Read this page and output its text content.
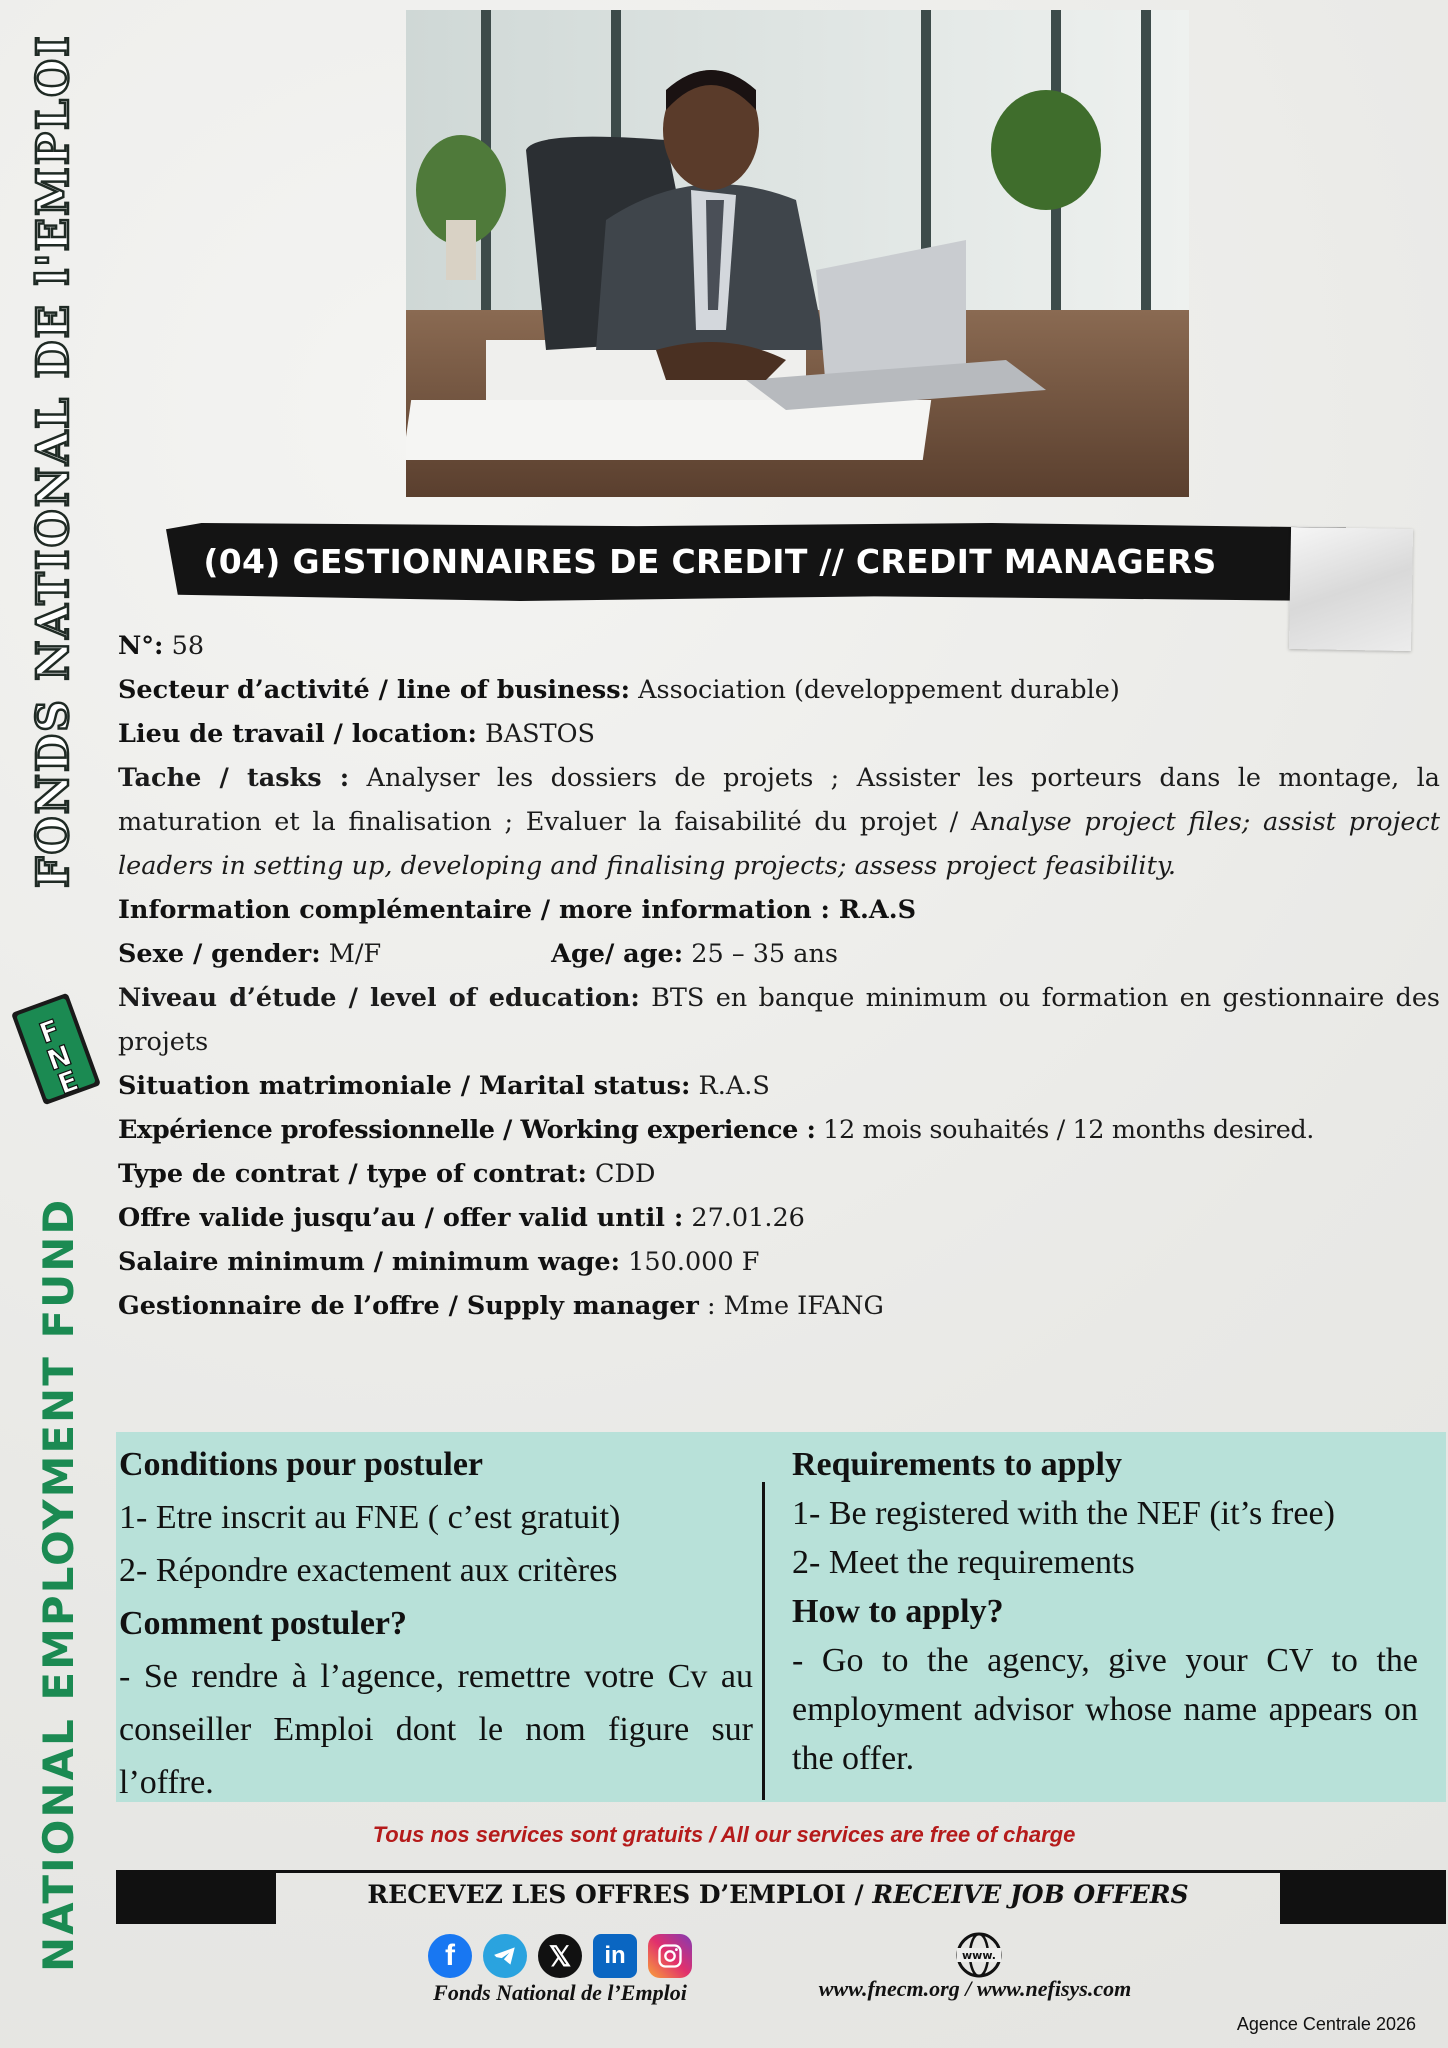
FONDS NATIONAL DE l'EMPLOI
NATIONAL EMPLOYMENT FUND
F
N
E
(04) GESTIONNAIRES DE CREDIT // CREDIT MANAGERS
N°: 58
Secteur d’activité / line of business: Association (developpement durable)
Lieu de travail / location: BASTOS
Tache / tasks : Analyser les dossiers de projets ; Assister les porteurs dans le montage, la maturation et la finalisation ; Evaluer la faisabilité du projet / Analyse project files; assist project leaders in setting up, developing and finalising projects; assess project feasibility.
Information complémentaire / more information : R.A.S
Sexe / gender: M/F	Age/ age: 25 – 35 ans
Niveau d’étude / level of education: BTS en banque minimum ou formation en gestionnaire des projets
Situation matrimoniale / Marital status: R.A.S
Expérience professionnelle / Working experience : 12 mois souhaités / 12 months desired.
Type de contrat / type of contrat: CDD
Offre valide jusqu’au / offer valid until : 27.01.26
Salaire minimum / minimum wage: 150.000 F
Gestionnaire de l’offre / Supply manager : Mme IFANG
Conditions pour postuler

1- Etre inscrit au FNE ( c’est gratuit)

2- Répondre exactement aux critères

Comment postuler?

- Se rendre à l’agence, remettre votre Cv au conseiller Emploi dont le nom figure sur l’offre.

Requirements to apply

1- Be registered with the NEF (it’s free)

2- Meet the requirements

How to apply?

- Go to the agency, give your CV to the employment advisor whose name appears on the offer.

Tous nos services sont gratuits / All our services are free of charge
RECEVEZ LES OFFRES D’EMPLOI / RECEIVE JOB OFFERS
f	𝕏	in
Fonds National de l’Emploi
www.
www.fnecm.org / www.nefisys.com
Agence Centrale 2026
